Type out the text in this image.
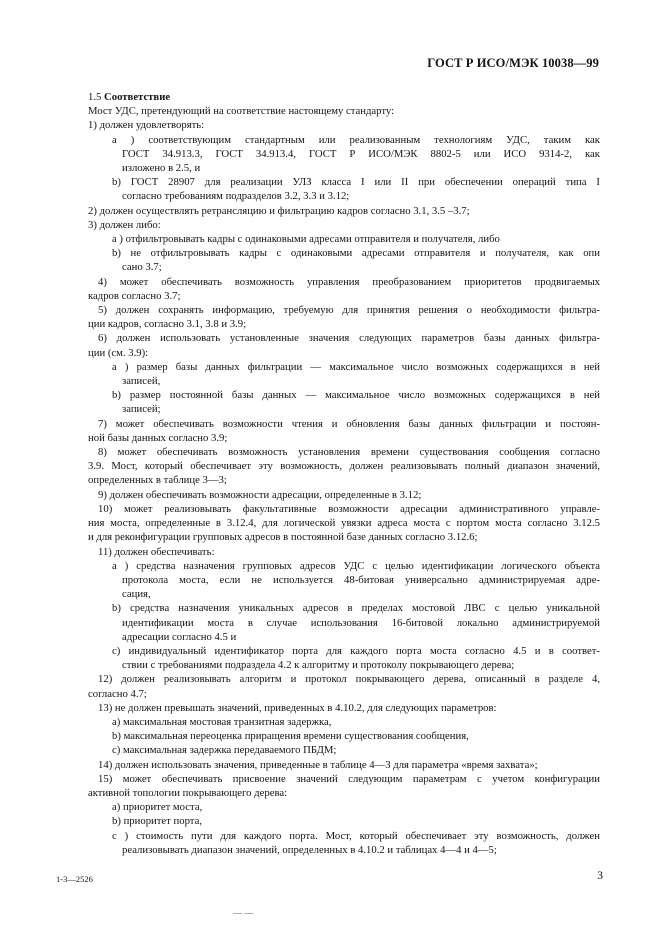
ГОСТ Р ИСО/МЭК 10038—99
1.5 Соответствие
Мост УДС, претендующий на соответствие настоящему стандарту:
1) должен удовлетворять:
a ) соответствующим стандартным или реализованным технологиям УДС, таким как
ГОСТ 34.913.3, ГОСТ 34.913.4, ГОСТ Р ИСО/МЭК 8802-5 или ИСО 9314-2, как
изложено в 2.5, и
b) ГОСТ 28907 для реализации УЛЗ класса I или II при обеспечении операций типа I
согласно требованиям подразделов 3.2, 3.3 и 3.12;
2) должен осуществлять ретрансляцию и фильтрацию кадров согласно 3.1, 3.5 –3.7;
3) должен либо:
a ) отфильтровывать кадры с одинаковыми адресами отправителя и получателя, либо
b) не отфильтровывать кадры с одинаковыми адресами отправителя и получателя, как опи
сано 3.7;
4) может обеспечивать возможность управления преобразованием приоритетов продвигаемых
кадров согласно 3.7;
5) должен сохранять информацию, требуемую для принятия решения о необходимости фильтра-
ции кадров, согласно 3.1, 3.8 и 3.9;
6) должен использовать установленные значения следующих параметров базы данных фильтра-
ции (см. 3.9):
a ) размер базы данных фильтрации — максимальное число возможных содержащихся в ней
записей,
b) размер постоянной базы данных — максимальное число возможных содержащихся в ней
записей;
7) может обеспечивать возможности чтения и обновления базы данных фильтрации и постоян-
ной базы данных согласно 3.9;
8) может обеспечивать возможность установления времени существования сообщения согласно
3.9. Мост, который обеспечивает эту возможность, должен реализовывать полный диапазон значений,
определенных в таблице 3—3;
9) должен обеспечивать возможности адресации, определенные в 3.12;
10) может реализовывать факультативные возможности адресации административного управле-
ния моста, определенные в 3.12.4, для логической увязки адреса моста с портом моста согласно 3.12.5
и для реконфигурации групповых адресов в постоянной базе данных согласно 3.12.6;
11) должен обеспечивать:
a ) средства назначения групповых адресов УДС с целью идентификации логического объекта
протокола моста, если не используется 48-битовая универсально администрируемая адре-
сация,
b) средства назначения уникальных адресов в пределах мостовой ЛВС с целью уникальной
идентификации моста в случае использования 16-битовой локально администрируемой
адресации согласно 4.5 и
c) индивидуальный идентификатор порта для каждого порта моста согласно 4.5 и в соответ-
ствии с требованиями подраздела 4.2 к алгоритму и протоколу покрывающего дерева;
12) должен реализовывать алгоритм и протокол покрывающего дерева, описанный в разделе 4,
согласно 4.7;
13) не должен превышать значений, приведенных в 4.10.2, для следующих параметров:
a) максимальная мостовая транзитная задержка,
b) максимальная переоценка приращения времени существования сообщения,
c) максимальная задержка передаваемого ПБДМ;
14) должен использовать значения, приведенные в таблице 4—3 для параметра «время захвата»;
15) может обеспечивать присвоение значений следующим параметрам с учетом конфигурации
активной топологии покрывающего дерева:
a) приоритет моста,
b) приоритет порта,
c ) стоимость пути для каждого порта. Мост, который обеспечивает эту возможность, должен
реализовывать диапазон значений, определенных в 4.10.2 и таблицах 4—4 и 4—5;
1-3—2526	3
— —
